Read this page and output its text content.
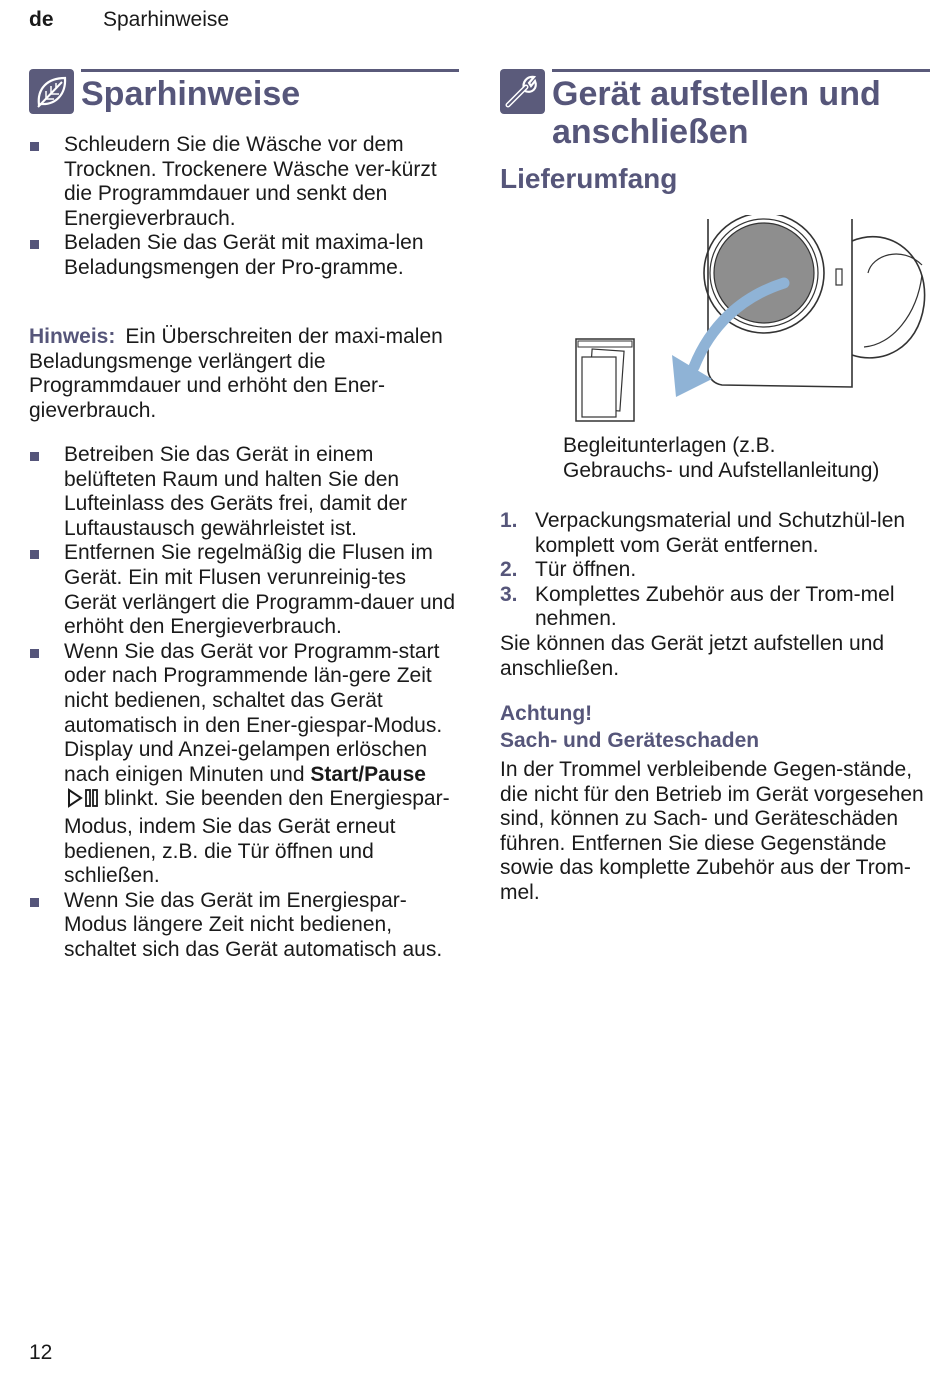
de Sparhinweise
Sparhinweise
Schleudern Sie die Wäsche vor dem Trocknen. Trockenere Wäsche ver-kürzt die Programmdauer und senkt den Energieverbrauch.
Beladen Sie das Gerät mit maxima-len Beladungsmengen der Pro-gramme.
Hinweis: Ein Überschreiten der maxi-malen Beladungsmenge verlängert die Programmdauer und erhöht den Ener-gieverbrauch.
Betreiben Sie das Gerät in einem belüfteten Raum und halten Sie den Lufteinlass des Geräts frei, damit der Luftaustausch gewährleistet ist.
Entfernen Sie regelmäßig die Flusen im Gerät. Ein mit Flusen verunreinig-tes Gerät verlängert die Programm-dauer und erhöht den Energieverbrauch.
Wenn Sie das Gerät vor Programm-start oder nach Programmende län-gere Zeit nicht bedienen, schaltet das Gerät automatisch in den Ener-giespar-Modus. Display und Anzei-gelampen erlöschen nach einigen Minuten und Start/Pauseblinkt. Sie beenden den Energiespar-Modus, indem Sie das Gerät erneut bedienen, z.B. die Tür öffnen und schließen.
Wenn Sie das Gerät im Energiespar-Modus längere Zeit nicht bedienen, schaltet sich das Gerät automatisch aus.
Gerät aufstellen und
anschließen
Lieferumfang
Begleitunterlagen (z.B.
Gebrauchs- und Aufstellanleitung)
1. Verpackungsmaterial und Schutzhül-len komplett vom Gerät entfernen.
2. Tür öffnen.
3. Komplettes Zubehör aus der Trom-mel nehmen.
Sie können das Gerät jetzt aufstellen und anschließen.
Achtung!
Sach- und Geräteschaden
In der Trommel verbleibende Gegen-stände, die nicht für den Betrieb im Gerät vorgesehen sind, können zu Sach- und Geräteschäden führen. Entfernen Sie diese Gegenstände sowie das komplette Zubehör aus der Trom-mel.
12
